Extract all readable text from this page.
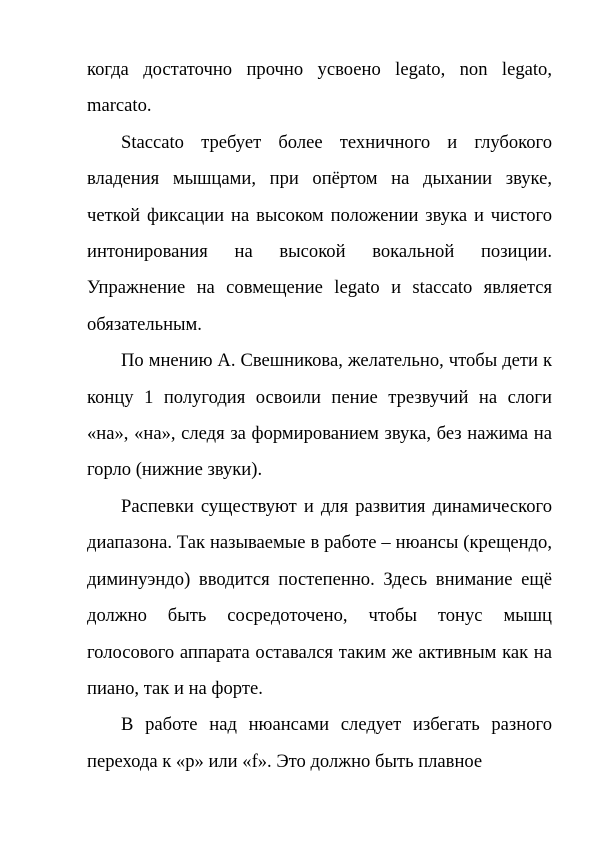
когда достаточно прочно усвоено legato, non legato, marcato.

Staccato требует более техничного и глубокого владения мышцами, при опёртом на дыхании звуке, четкой фиксации на высоком положении звука и чистого интонирования на высокой вокальной позиции. Упражнение на совмещение legato и staccato является обязательным.

По мнению А. Свешникова, желательно, чтобы дети к концу 1 полугодия освоили пение трезвучий на слоги «на», «на», следя за формированием звука, без нажима на горло (нижние звуки).

Распевки существуют и для развития динамического диапазона. Так называемые в работе – нюансы (крещендо, диминуэндо) вводится постепенно. Здесь внимание ещё должно быть сосредоточено, чтобы тонус мышц голосового аппарата оставался таким же активным как на пиано, так и на форте.

В работе над нюансами следует избегать разного перехода к «р» или «f». Это должно быть плавное
